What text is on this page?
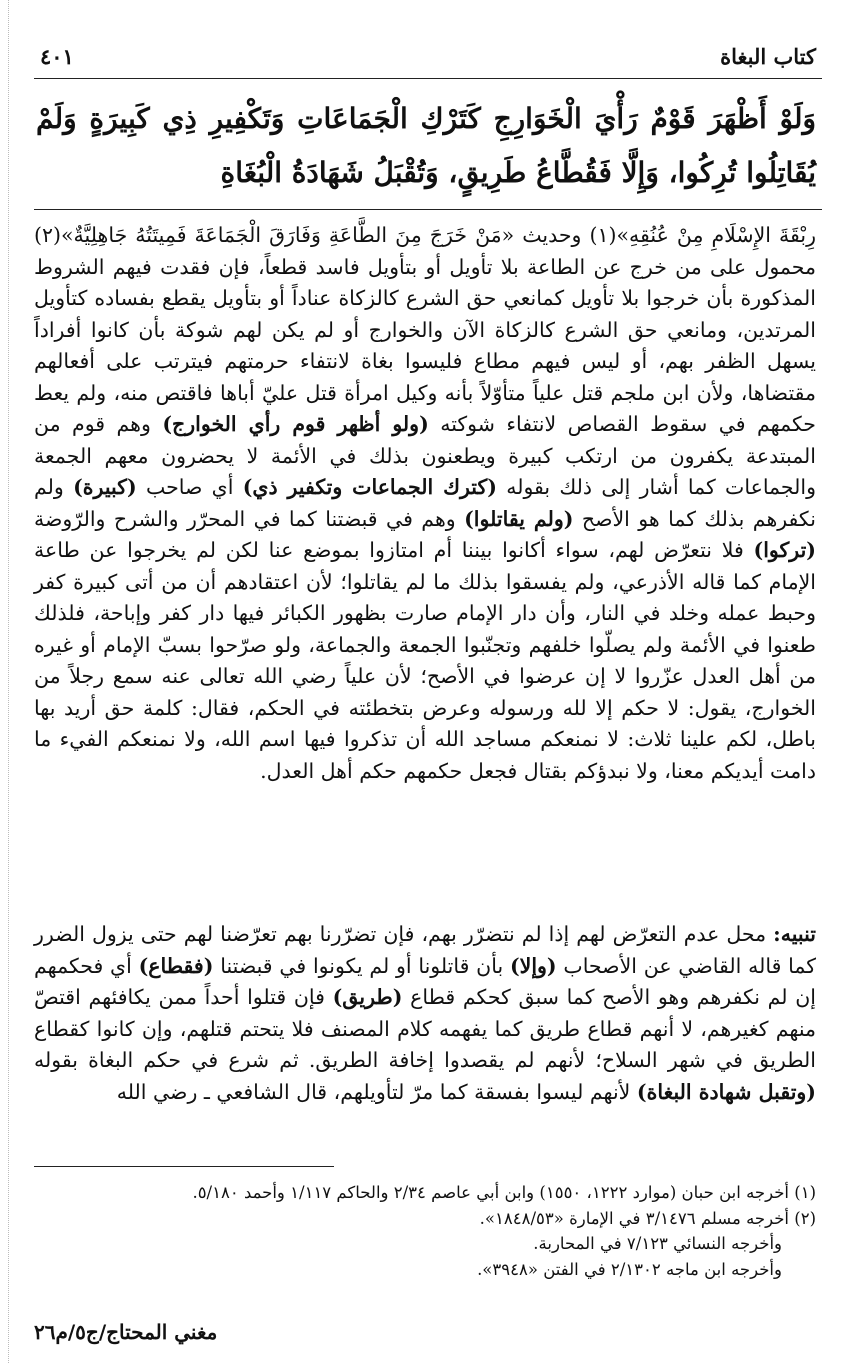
كتاب البغاة
٤٠١
وَلَوْ أَظْهَرَ قَوْمٌ رَأْيَ الْخَوَارِجِ كَتَرْكِ الْجَمَاعَاتِ وَتَكْفِيرِ ذِي كَبِيرَةٍ وَلَمْ يُقَاتِلُوا تُرِكُوا، وَإِلَّا فَقُطَّاعُ طَرِيقٍ، وَتُقْبَلُ شَهَادَةُ الْبُغَاةِ
رِبْقَةَ الإِسْلَامِ مِنْ عُنُقِهِ»(١) وحديث «مَنْ خَرَجَ مِنَ الطَّاعَةِ وَفَارَقَ الْجَمَاعَةَ فَمِيتَتُهُ جَاهِلِيَّةٌ»(٢) محمول على من خرج عن الطاعة بلا تأويل أو بتأويل فاسد قطعاً، فإن فقدت فيهم الشروط المذكورة بأن خرجوا بلا تأويل كمانعي حق الشرع كالزكاة عناداً أو بتأويل يقطع بفساده كتأويل المرتدين، ومانعي حق الشرع كالزكاة الآن والخوارج أو لم يكن لهم شوكة بأن كانوا أفراداً يسهل الظفر بهم، أو ليس فيهم مطاع فليسوا بغاة لانتفاء حرمتهم فيترتب على أفعالهم مقتضاها، ولأن ابن ملجم قتل علياً متأوّلاً بأنه وكيل امرأة قتل عليّ أباها فاقتص منه، ولم يعط حكمهم في سقوط القصاص لانتفاء شوكته (ولو أظهر قوم رأي الخوارج) وهم قوم من المبتدعة يكفرون من ارتكب كبيرة ويطعنون بذلك في الأئمة لا يحضرون معهم الجمعة والجماعات كما أشار إلى ذلك بقوله (كترك الجماعات وتكفير ذي) أي صاحب (كبيرة) ولم نكفرهم بذلك كما هو الأصح (ولم يقاتلوا) وهم في قبضتنا كما في المحرّر والشرح والرّوضة (تركوا) فلا نتعرّض لهم، سواء أكانوا بيننا أم امتازوا بموضع عنا لكن لم يخرجوا عن طاعة الإمام كما قاله الأذرعي، ولم يفسقوا بذلك ما لم يقاتلوا؛ لأن اعتقادهم أن من أتى كبيرة كفر وحبط عمله وخلد في النار، وأن دار الإمام صارت بظهور الكبائر فيها دار كفر وإباحة، فلذلك طعنوا في الأئمة ولم يصلّوا خلفهم وتجنّبوا الجمعة والجماعة، ولو صرّحوا بسبّ الإمام أو غيره من أهل العدل عزّروا لا إن عرضوا في الأصح؛ لأن علياً رضي الله تعالى عنه سمع رجلاً من الخوارج، يقول: لا حكم إلا لله ورسوله وعرض بتخطئته في الحكم، فقال: كلمة حق أريد بها باطل، لكم علينا ثلاث: لا نمنعكم مساجد الله أن تذكروا فيها اسم الله، ولا نمنعكم الفيء ما دامت أيديكم معنا، ولا نبدؤكم بقتال فجعل حكمهم حكم أهل العدل.
تنبيه: محل عدم التعرّض لهم إذا لم نتضرّر بهم، فإن تضرّرنا بهم تعرّضنا لهم حتى يزول الضرر كما قاله القاضي عن الأصحاب (وإلا) بأن قاتلونا أو لم يكونوا في قبضتنا (فقطاع) أي فحكمهم إن لم نكفرهم وهو الأصح كما سبق كحكم قطاع (طريق) فإن قتلوا أحداً ممن يكافئهم اقتصّ منهم كغيرهم، لا أنهم قطاع طريق كما يفهمه كلام المصنف فلا يتحتم قتلهم، وإن كانوا كقطاع الطريق في شهر السلاح؛ لأنهم لم يقصدوا إخافة الطريق. ثم شرع في حكم البغاة بقوله (وتقبل شهادة البغاة) لأنهم ليسوا بفسقة كما مرّ لتأويلهم، قال الشافعي ـ رضي الله

(١) أخرجه ابن حبان (موارد ١٢٢٢، ١٥٥٠) وابن أبي عاصم ٢/٣٤ والحاكم ١/١١٧ وأحمد ٥/١٨٠.

(٢) أخرجه مسلم ٣/١٤٧٦ في الإمارة «١٨٤٨/٥٣».

وأخرجه النسائي ٧/١٢٣ في المحاربة.

وأخرجه ابن ماجه ٢/١٣٠٢ في الفتن «٣٩٤٨».

مغني المحتاج/ج٥/م٢٦
